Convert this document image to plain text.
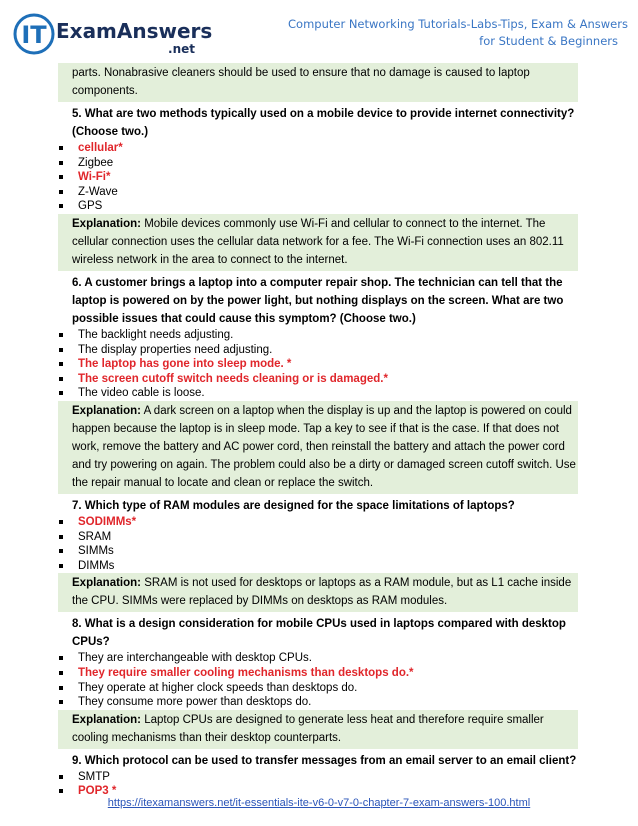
IT ExamAnswers
.net
Computer Networking Tutorials-Labs-Tips, Exam & Answers
for Student & Beginners
parts. Nonabrasive cleaners should be used to ensure that no damage is caused to laptop components.
5. What are two methods typically used on a mobile device to provide internet connectivity? (Choose two.)
cellular*
Zigbee
Wi-Fi*
Z-Wave
GPS
Explanation: Mobile devices commonly use Wi-Fi and cellular to connect to the internet. The cellular connection uses the cellular data network for a fee. The Wi-Fi connection uses an 802.11 wireless network in the area to connect to the internet.
6. A customer brings a laptop into a computer repair shop. The technician can tell that the laptop is powered on by the power light, but nothing displays on the screen. What are two possible issues that could cause this symptom? (Choose two.)
The backlight needs adjusting.
The display properties need adjusting.
The laptop has gone into sleep mode. *
The screen cutoff switch needs cleaning or is damaged.*
The video cable is loose.
Explanation: A dark screen on a laptop when the display is up and the laptop is powered on could happen because the laptop is in sleep mode. Tap a key to see if that is the case. If that does not work, remove the battery and AC power cord, then reinstall the battery and attach the power cord and try powering on again. The problem could also be a dirty or damaged screen cutoff switch. Use the repair manual to locate and clean or replace the switch.
7. Which type of RAM modules are designed for the space limitations of laptops?
SODIMMs*
SRAM
SIMMs
DIMMs
Explanation: SRAM is not used for desktops or laptops as a RAM module, but as L1 cache inside the CPU. SIMMs were replaced by DIMMs on desktops as RAM modules.
8. What is a design consideration for mobile CPUs used in laptops compared with desktop CPUs?
They are interchangeable with desktop CPUs.
They require smaller cooling mechanisms than desktops do.*
They operate at higher clock speeds than desktops do.
They consume more power than desktops do.
Explanation: Laptop CPUs are designed to generate less heat and therefore require smaller cooling mechanisms than their desktop counterparts.
9. Which protocol can be used to transfer messages from an email server to an email client?
SMTP
POP3 *
https://itexamanswers.net/it-essentials-ite-v6-0-v7-0-chapter-7-exam-answers-100.html
